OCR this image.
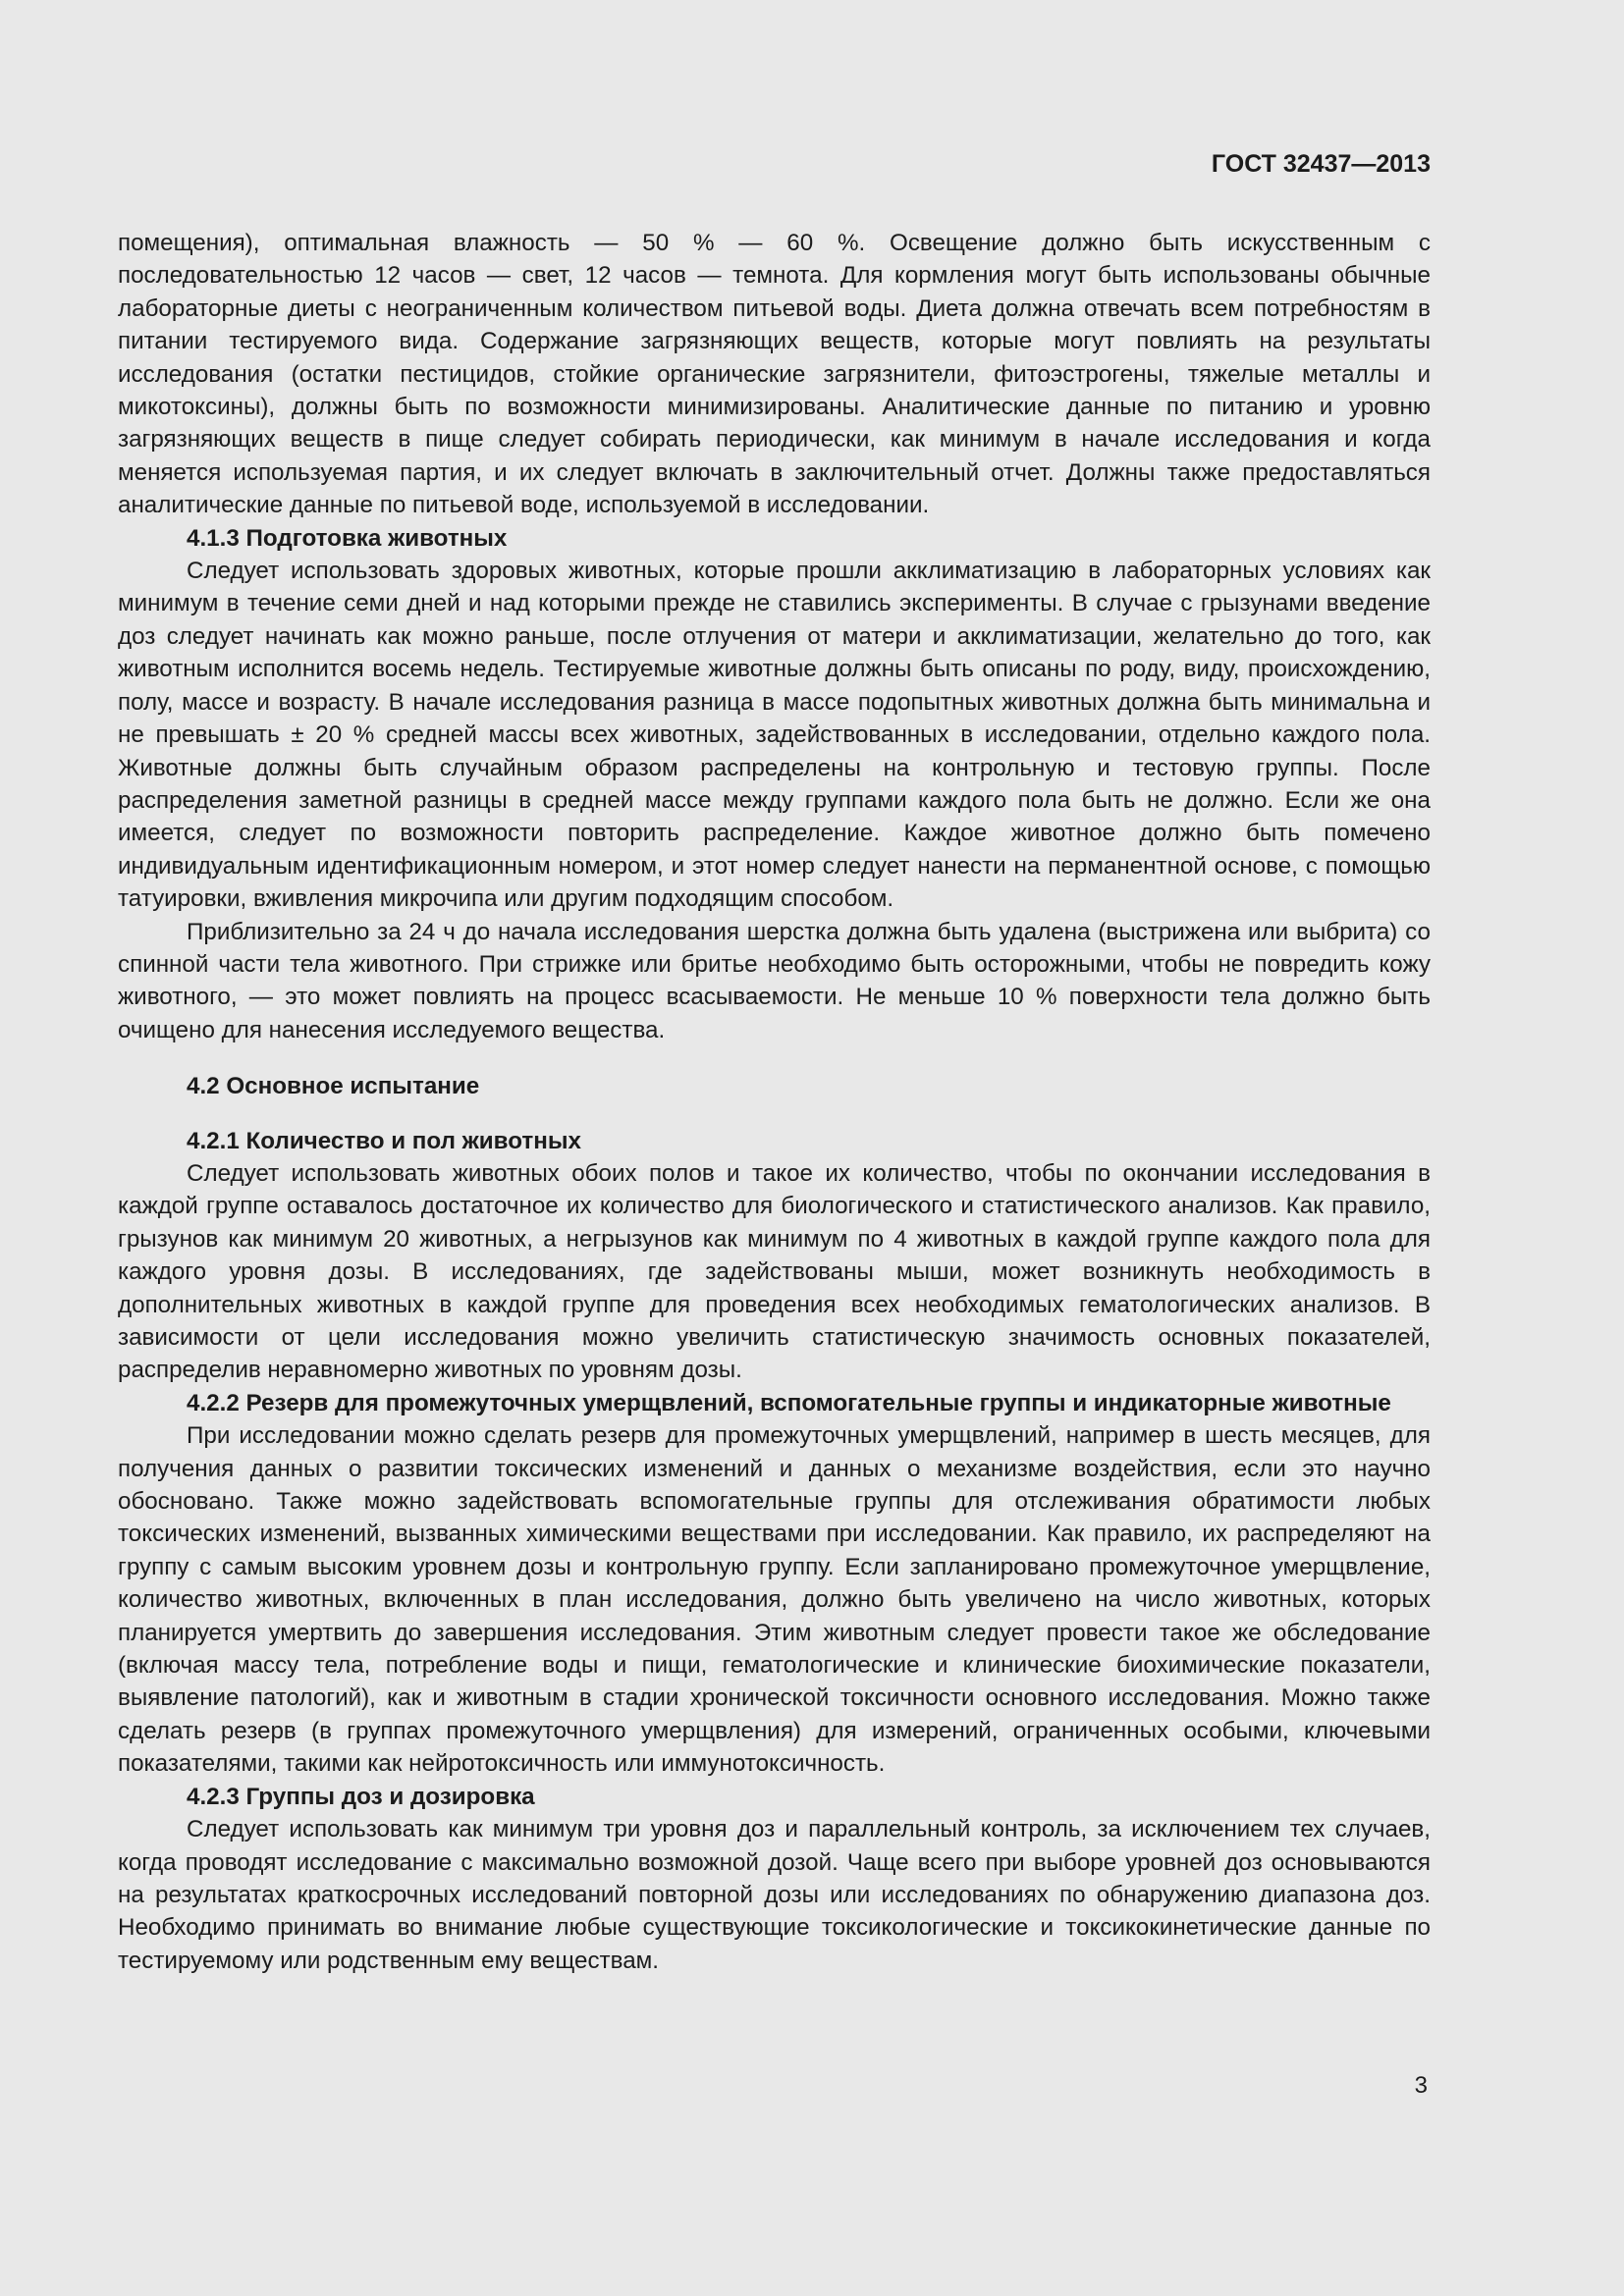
ГОСТ 32437—2013

помещения), оптимальная влажность — 50 % — 60 %. Освещение должно быть искусственным с последовательностью 12 часов — свет, 12 часов — темнота. Для кормления могут быть использованы обычные лабораторные диеты с неограниченным количеством питьевой воды. Диета должна отвечать всем потребностям в питании тестируемого вида. Содержание загрязняющих веществ, которые могут повлиять на результаты исследования (остатки пестицидов, стойкие органические загрязнители, фитоэстрогены, тяжелые металлы и микотоксины), должны быть по возможности минимизированы. Аналитические данные по питанию и уровню загрязняющих веществ в пище следует собирать периодически, как минимум в начале исследования и когда меняется используемая партия, и их следует включать в заключительный отчет. Должны также предоставляться аналитические данные по питьевой воде, используемой в исследовании.

4.1.3 Подготовка животных

Следует использовать здоровых животных, которые прошли акклиматизацию в лабораторных условиях как минимум в течение семи дней и над которыми прежде не ставились эксперименты. В случае с грызунами введение доз следует начинать как можно раньше, после отлучения от матери и акклиматизации, желательно до того, как животным исполнится восемь недель. Тестируемые животные должны быть описаны по роду, виду, происхождению, полу, массе и возрасту. В начале исследования разница в массе подопытных животных должна быть минимальна и не превышать ± 20 % средней массы всех животных, задействованных в исследовании, отдельно каждого пола. Животные должны быть случайным образом распределены на контрольную и тестовую группы. После распределения заметной разницы в средней массе между группами каждого пола быть не должно. Если же она имеется, следует по возможности повторить распределение. Каждое животное должно быть помечено индивидуальным идентификационным номером, и этот номер следует нанести на перманентной основе, с помощью татуировки, вживления микрочипа или другим подходящим способом.

Приблизительно за 24 ч до начала исследования шерстка должна быть удалена (выстрижена или выбрита) со спинной части тела животного. При стрижке или бритье необходимо быть осторожными, чтобы не повредить кожу животного, — это может повлиять на процесс всасываемости. Не меньше 10 % поверхности тела должно быть очищено для нанесения исследуемого вещества.

4.2 Основное испытание
4.2.1 Количество и пол животных

Следует использовать животных обоих полов и такое их количество, чтобы по окончании исследования в каждой группе оставалось достаточное их количество для биологического и статистического анализов. Как правило, грызунов как минимум 20 животных, а негрызунов как минимум по 4 животных в каждой группе каждого пола для каждого уровня дозы. В исследованиях, где задействованы мыши, может возникнуть необходимость в дополнительных животных в каждой группе для проведения всех необходимых гематологических анализов. В зависимости от цели исследования можно увеличить статистическую значимость основных показателей, распределив неравномерно животных по уровням дозы.

4.2.2 Резерв для промежуточных умерщвлений, вспомогательные группы и индикаторные животные

При исследовании можно сделать резерв для промежуточных умерщвлений, например в шесть месяцев, для получения данных о развитии токсических изменений и данных о механизме воздействия, если это научно обосновано. Также можно задействовать вспомогательные группы для отслеживания обратимости любых токсических изменений, вызванных химическими веществами при исследовании. Как правило, их распределяют на группу с самым высоким уровнем дозы и контрольную группу. Если запланировано промежуточное умерщвление, количество животных, включенных в план исследования, должно быть увеличено на число животных, которых планируется умертвить до завершения исследования. Этим животным следует провести такое же обследование (включая массу тела, потребление воды и пищи, гематологические и клинические биохимические показатели, выявление патологий), как и животным в стадии хронической токсичности основного исследования. Можно также сделать резерв (в группах промежуточного умерщвления) для измерений, ограниченных особыми, ключевыми показателями, такими как нейротоксичность или иммунотоксичность.

4.2.3 Группы доз и дозировка

Следует использовать как минимум три уровня доз и параллельный контроль, за исключением тех случаев, когда проводят исследование с максимально возможной дозой. Чаще всего при выборе уровней доз основываются на результатах краткосрочных исследований повторной дозы или исследованиях по обнаружению диапазона доз. Необходимо принимать во внимание любые существующие токсикологические и токсикокинетические данные по тестируемому или родственным ему веществам.

3
